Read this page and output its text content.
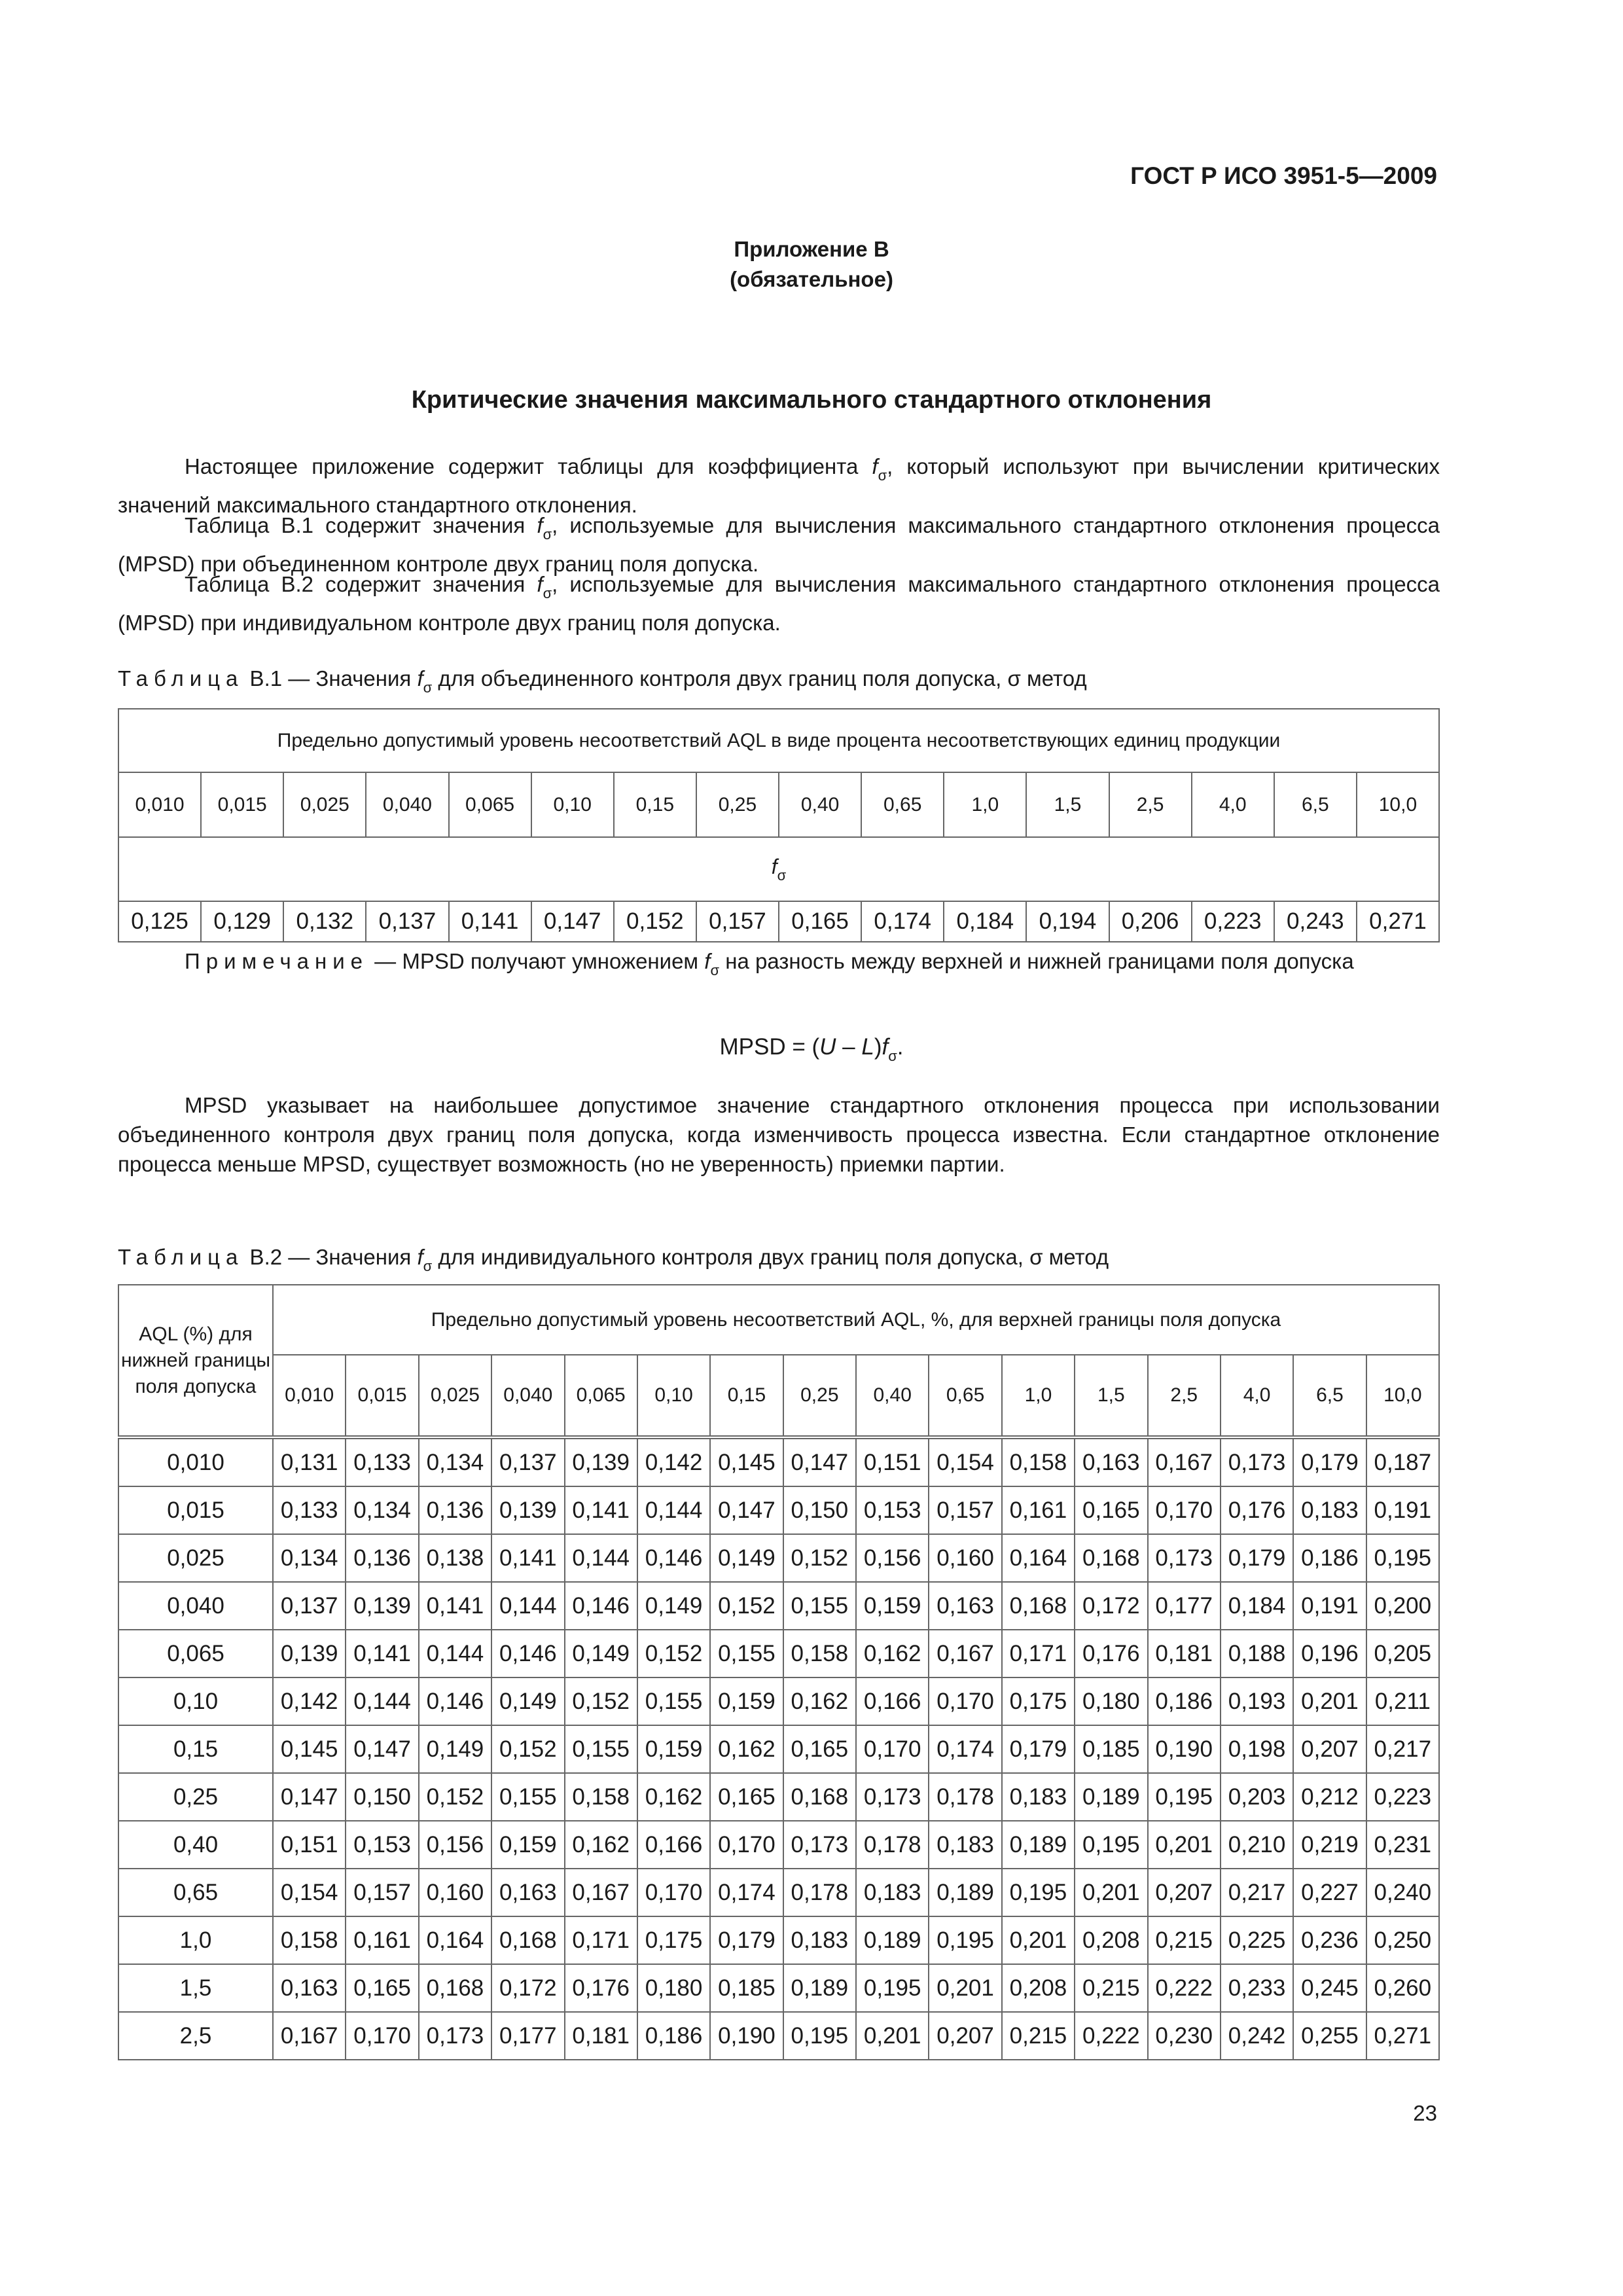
ГОСТ Р ИСО 3951-5—2009
Приложение В
(обязательное)
Критические значения максимального стандартного отклонения
Настоящее приложение содержит таблицы для коэффициента $f_\sigma$, который используют при вычислении критических значений максимального стандартного отклонения.
Таблица В.1 содержит значения $f_\sigma$, используемые для вычисления максимального стандартного отклонения процесса (MPSD) при объединенном контроле двух границ поля допуска.
Таблица В.2 содержит значения $f_\sigma$, используемые для вычисления максимального стандартного отклонения процесса (MPSD) при индивидуальном контроле двух границ поля допуска.
Таблица В.1 — Значения $f_\sigma$ для объединенного контроля двух границ поля допуска, σ метод
Предельно допустимый уровень несоответствий AQL в виде процента несоответствующих единиц продукции															
0,010	0,015	0,025	0,040	0,065	0,10	0,15	0,25	0,40	0,65	1,0	1,5	2,5	4,0	6,5	10,0
$f_\sigma$
0,125	0,129	0,132	0,137	0,141	0,147	0,152	0,157	0,165	0,174	0,184	0,194	0,206	0,223	0,243	0,271
Примечание — MPSD получают умножением $f_\sigma$ на разность между верхней и нижней границами поля допуска
MPSD = $(U - L)f_\sigma$.
MPSD указывает на наибольшее допустимое значение стандартного отклонения процесса при использовании объединенного контроля двух границ поля допуска, когда изменчивость процесса известна. Если стандартное отклонение процесса меньше MPSD, существует возможность (но не уверенность) приемки партии.
Таблица В.2 — Значения $f_\sigma$ для индивидуального контроля двух границ поля допуска, σ метод
AQL (%) для нижней границы поля допуска	Предельно допустимый уровень несоответствий AQL, %, для верхней границы поля допуска															
	0,010	0,015	0,025	0,040	0,065	0,10	0,15	0,25	0,40	0,65	1,0	1,5	2,5	4,0	6,5	10,0
0,010	0,131	0,133	0,134	0,137	0,139	0,142	0,145	0,147	0,151	0,154	0,158	0,163	0,167	0,173	0,179	0,187
0,015	0,133	0,134	0,136	0,139	0,141	0,144	0,147	0,150	0,153	0,157	0,161	0,165	0,170	0,176	0,183	0,191
0,025	0,134	0,136	0,138	0,141	0,144	0,146	0,149	0,152	0,156	0,160	0,164	0,168	0,173	0,179	0,186	0,195
0,040	0,137	0,139	0,141	0,144	0,146	0,149	0,152	0,155	0,159	0,163	0,168	0,172	0,177	0,184	0,191	0,200
0,065	0,139	0,141	0,144	0,146	0,149	0,152	0,155	0,158	0,162	0,167	0,171	0,176	0,181	0,188	0,196	0,205
0,10	0,142	0,144	0,146	0,149	0,152	0,155	0,159	0,162	0,166	0,170	0,175	0,180	0,186	0,193	0,201	0,211
0,15	0,145	0,147	0,149	0,152	0,155	0,159	0,162	0,165	0,170	0,174	0,179	0,185	0,190	0,198	0,207	0,217
0,25	0,147	0,150	0,152	0,155	0,158	0,162	0,165	0,168	0,173	0,178	0,183	0,189	0,195	0,203	0,212	0,223
0,40	0,151	0,153	0,156	0,159	0,162	0,166	0,170	0,173	0,178	0,183	0,189	0,195	0,201	0,210	0,219	0,231
0,65	0,154	0,157	0,160	0,163	0,167	0,170	0,174	0,178	0,183	0,189	0,195	0,201	0,207	0,217	0,227	0,240
1,0	0,158	0,161	0,164	0,168	0,171	0,175	0,179	0,183	0,189	0,195	0,201	0,208	0,215	0,225	0,236	0,250
1,5	0,163	0,165	0,168	0,172	0,176	0,180	0,185	0,189	0,195	0,201	0,208	0,215	0,222	0,233	0,245	0,260
2,5	0,167	0,170	0,173	0,177	0,181	0,186	0,190	0,195	0,201	0,207	0,215	0,222	0,230	0,242	0,255	0,271
23
